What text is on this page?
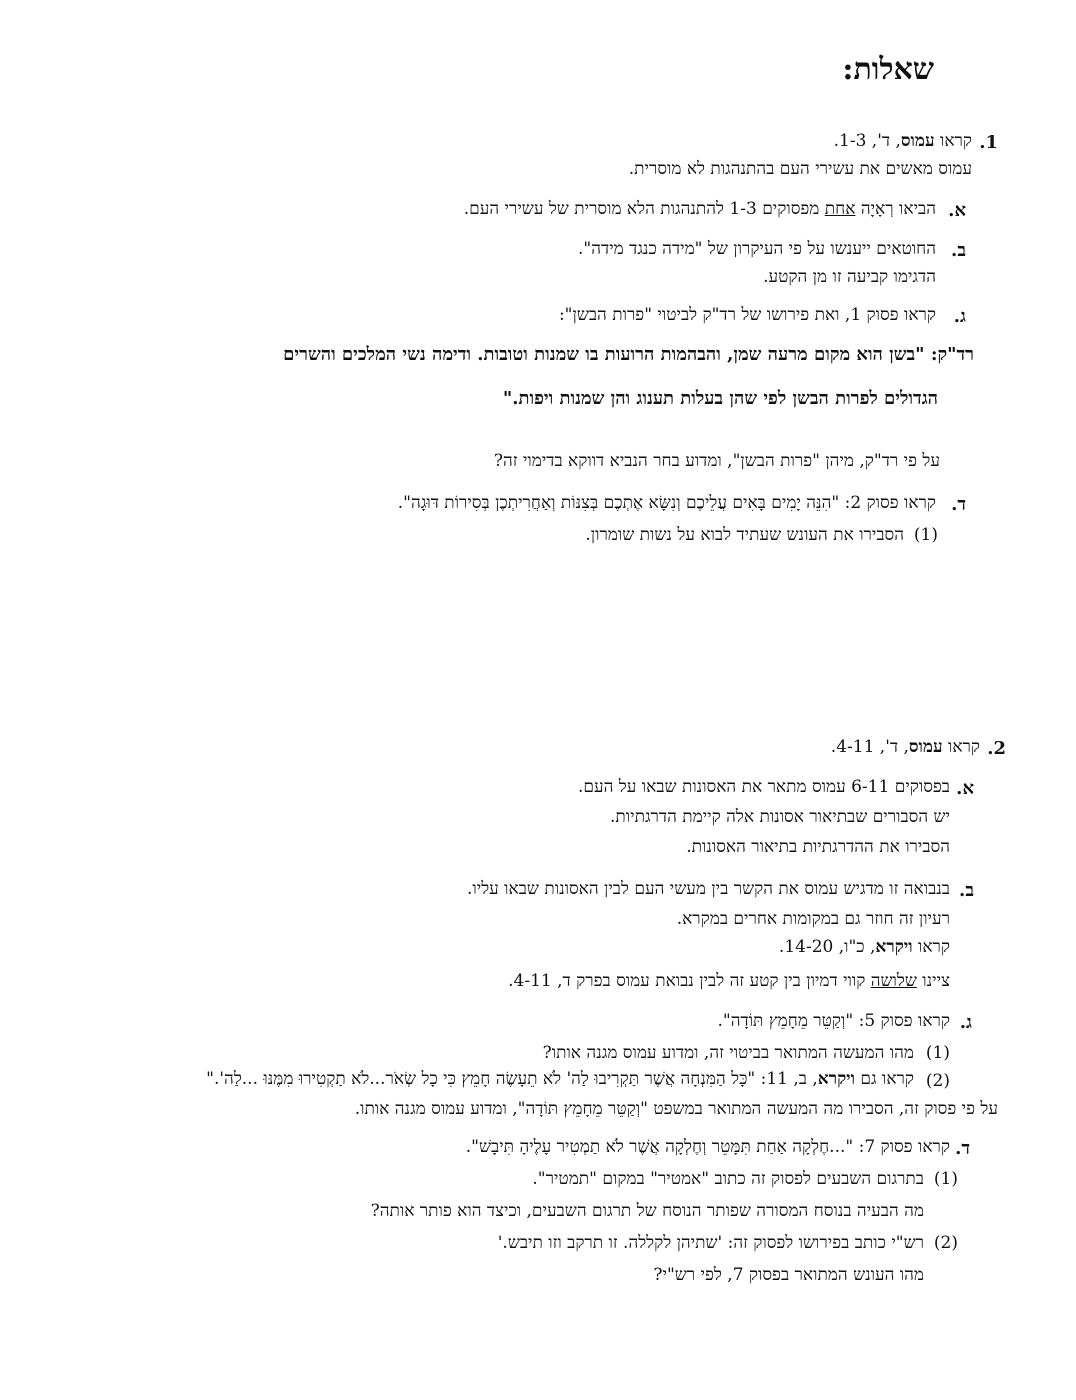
שאלות:
1.
קראו עמוס, ד', 1-3.
עמוס מאשים את עשירי העם בהתנהגות לא מוסרית.
א.
הביאו רְאָיָה אחת מפסוקים 1-3 להתנהגות הלא מוסרית של עשירי העם.
ב.
החוטאים ייענשו על פי העיקרון של "מידה כנגד מידה".
הדגימו קביעה זו מן הקטע.
ג.
קראו פסוק 1, ואת פירושו של רד"ק לביטוי "פרות הבשן":
רד"ק: "בשן הוא מקום מרעה שמן, והבהמות הרועות בו שמנות וטובות. ודימה נשי המלכים והשרים
הגדולים לפרות הבשן לפי שהן בעלות תענוג והן שמנות ויפות."
על פי רד"ק, מיהן "פרות הבשן", ומדוע בחר הנביא דווקא בדימוי זה?
ד.
קראו פסוק 2: "הִנֵּה יָמִים בָּאִים עֲלֵיכֶם וְנִשָּׂא אֶתְכֶם בְּצִנּוֹת וְאַחֲרִיתְכֶן בְּסִירוֹת דּוּגָה".
(1)
הסבירו את העונש שעתיד לבוא על נשות שומרון.
2.
קראו עמוס, ד', 4-11.
א.
בפסוקים 6-11 עמוס מתאר את האסונות שבאו על העם.
יש הסבורים שבתיאור אסונות אלה קיימת הדרגתיות.
הסבירו את ההדרגתיות בתיאור האסונות.
ב.
בנבואה זו מדגיש עמוס את הקשר בין מעשי העם לבין האסונות שבאו עליו.
רעיון זה חוזר גם במקומות אחרים במקרא.
קראו ויקרא, כ"ו, 14-20.
ציינו שלושה קווי דמיון בין קטע זה לבין נבואת עמוס בפרק ד, 4-11.
ג.
קראו פסוק 5: "וְקַטֵּר מֵחָמֵץ תּוֹדָה".
(1)
מהו המעשה המתואר בביטוי זה, ומדוע עמוס מגנה אותו?
(2)
קראו גם ויקרא, ב, 11: "כָּל הַמִּנְחָה אֲשֶׁר תַּקְרִיבוּ לַה' לֹא תֵעָשֶׂה חָמֵץ כִּי כָל שְׂאֹר...לֹא תַקְטִירוּ מִמֶּנּוּ ...לַה'."
על פי פסוק זה, הסבירו מה המעשה המתואר במשפט "וְקַטֵּר מֵחָמֵץ תּוֹדָה", ומדוע עמוס מגנה אותו.
ד.
קראו פסוק 7: "...חֶלְקָה אַחַת תִּמָּטֵר וְחֶלְקָה אֲשֶׁר לֹא תַמְטִיר עָלֶיהָ תִּיבָשׁ".
(1)
בתרגום השבעים לפסוק זה כתוב "אמטיר" במקום "תמטיר".
מה הבעיה בנוסח המסורה שפותר הנוסח של תרגום השבעים, וכיצד הוא פותר אותה?
(2)
רש"י כותב בפירושו לפסוק זה: 'שתיהן לקללה. זו תרקב וזו תיבש.'
מהו העונש המתואר בפסוק 7, לפי רש"י?
